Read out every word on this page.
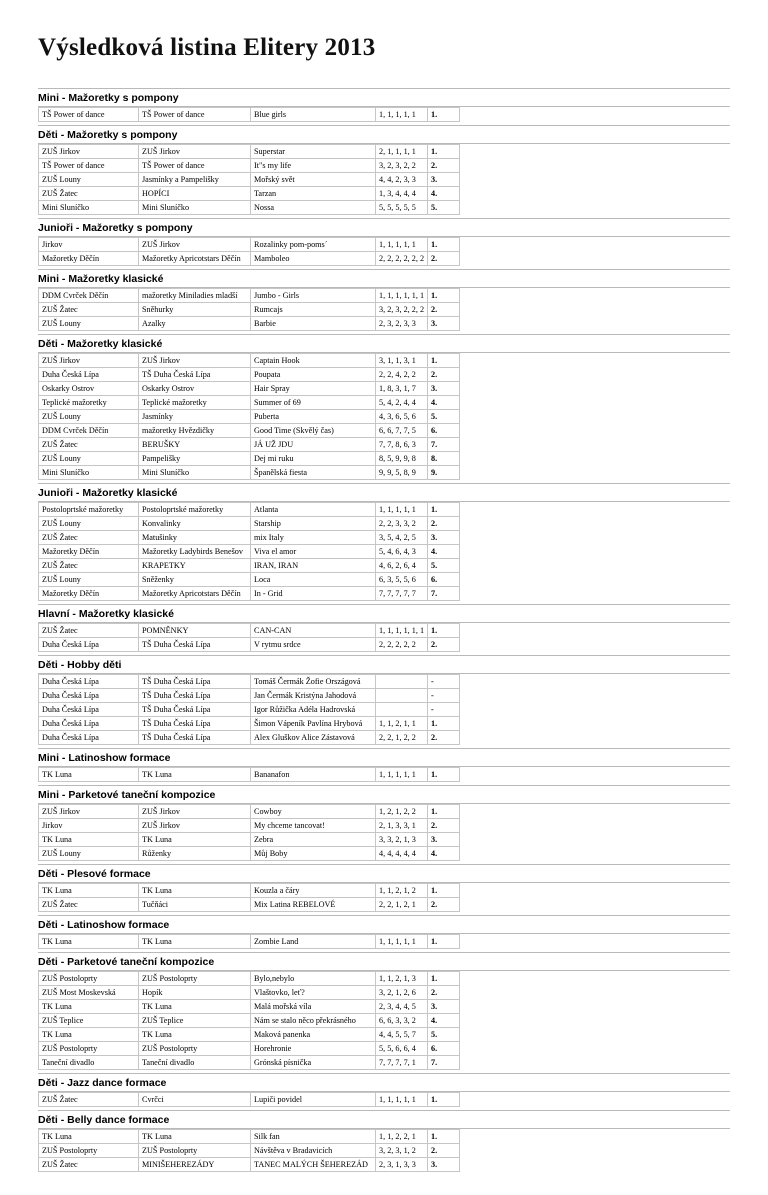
Výsledková listina Elitery 2013
Mini - Mažoretky s pompony
TŠ Power of dance	TŠ Power of dance	Blue girls	1, 1, 1, 1, 1	1.
Děti - Mažoretky s pompony
ZUŠ Jirkov	ZUŠ Jirkov	Superstar	2, 1, 1, 1, 1	1.
TŠ Power of dance	TŠ Power of dance	It"s my life	3, 2, 3, 2, 2	2.
ZUŠ Louny	Jasmínky a Pampelišky	Mořský svět	4, 4, 2, 3, 3	3.
ZUŠ Žatec	HOPÍCI	Tarzan	1, 3, 4, 4, 4	4.
Mini Sluníčko	Mini Sluníčko	Nossa	5, 5, 5, 5, 5	5.
Junioři - Mažoretky s pompony
Jirkov	ZUŠ Jirkov	Rozalinky pom-poms´	1, 1, 1, 1, 1	1.
Mažoretky Děčín	Mažoretky Apricotstars Děčín	Mamboleo	2, 2, 2, 2, 2, 2	2.
Mini - Mažoretky klasické
DDM Cvrček Děčín	mažoretky Miniladies mladší	Jumbo - Girls	1, 1, 1, 1, 1, 1	1.
ZUŠ Žatec	Sněhurky	Rumcajs	3, 2, 3, 2, 2, 2	2.
ZUŠ Louny	Azalky	Barbie	2, 3, 2, 3, 3	3.
Děti - Mažoretky klasické
ZUŠ Jirkov	ZUŠ Jirkov	Captain Hook	3, 1, 1, 3, 1	1.
Duha Česká Lípa	TŠ Duha Česká Lípa	Poupata	2, 2, 4, 2, 2	2.
Oskarky Ostrov	Oskarky Ostrov	Hair Spray	1, 8, 3, 1, 7	3.
Teplické mažoretky	Teplické mažoretky	Summer of 69	5, 4, 2, 4, 4	4.
ZUŠ Louny	Jasmínky	Puberta	4, 3, 6, 5, 6	5.
DDM Cvrček Děčín	mažoretky Hvězdičky	Good Time (Skvělý čas)	6, 6, 7, 7, 5	6.
ZUŠ Žatec	BERUŠKY	JÁ UŽ JDU	7, 7, 8, 6, 3	7.
ZUŠ Louny	Pampelišky	Dej mi ruku	8, 5, 9, 9, 8	8.
Mini Sluníčko	Mini Sluníčko	Španělská fiesta	9, 9, 5, 8, 9	9.
Junioři - Mažoretky klasické
Postoloprtské mažoretky	Postoloprtské mažoretky	Atlanta	1, 1, 1, 1, 1	1.
ZUŠ Louny	Konvalinky	Starship	2, 2, 3, 3, 2	2.
ZUŠ Žatec	Matušinky	mix Italy	3, 5, 4, 2, 5	3.
Mažoretky Děčín	Mažoretky Ladybirds Benešov	Viva el amor	5, 4, 6, 4, 3	4.
ZUŠ Žatec	KRAPETKY	IRAN, IRAN	4, 6, 2, 6, 4	5.
ZUŠ Louny	Sněženky	Loca	6, 3, 5, 5, 6	6.
Mažoretky Děčín	Mažoretky Apricotstars Děčín	In - Grid	7, 7, 7, 7, 7	7.
Hlavní - Mažoretky klasické
ZUŠ Žatec	POMNĚNKY	CAN-CAN	1, 1, 1, 1, 1, 1	1.
Duha Česká Lípa	TŠ Duha Česká Lípa	V rytmu srdce	2, 2, 2, 2, 2	2.
Děti - Hobby děti
Duha Česká Lípa	TŠ Duha Česká Lípa	Tomáš Čermák Žofie Országová		-
Duha Česká Lípa	TŠ Duha Česká Lípa	Jan Čermák Kristýna Jahodová		-
Duha Česká Lípa	TŠ Duha Česká Lípa	Igor Růžička Adéla Hadrovská		-
Duha Česká Lípa	TŠ Duha Česká Lípa	Šimon Vápeník Pavlína Hrybová	1, 1, 2, 1, 1	1.
Duha Česká Lípa	TŠ Duha Česká Lípa	Alex Gluškov Alice Zástavová	2, 2, 1, 2, 2	2.
Mini - Latinoshow formace
TK Luna	TK Luna	Bananafon	1, 1, 1, 1, 1	1.
Mini - Parketové taneční kompozice
ZUŠ Jirkov	ZUŠ Jirkov	Cowboy	1, 2, 1, 2, 2	1.
Jirkov	ZUŠ Jirkov	My chceme tancovat!	2, 1, 3, 3, 1	2.
TK Luna	TK Luna	Zebra	3, 3, 2, 1, 3	3.
ZUŠ Louny	Růženky	Můj Boby	4, 4, 4, 4, 4	4.
Děti - Plesové formace
TK Luna	TK Luna	Kouzla a čáry	1, 1, 2, 1, 2	1.
ZUŠ Žatec	Tučňáci	Mix Latina REBELOVÉ	2, 2, 1, 2, 1	2.
Děti - Latinoshow formace
TK Luna	TK Luna	Zombie Land	1, 1, 1, 1, 1	1.
Děti - Parketové taneční kompozice
ZUŠ Postoloprty	ZUŠ Postoloprty	Bylo,nebylo	1, 1, 2, 1, 3	1.
ZUŠ Most Moskevská	Hopík	Vlaštovko, leť?	3, 2, 1, 2, 6	2.
TK Luna	TK Luna	Malá mořská víla	2, 3, 4, 4, 5	3.
ZUŠ Teplice	ZUŠ Teplice	Nám se stalo něco překrásného	6, 6, 3, 3, 2	4.
TK Luna	TK Luna	Maková panenka	4, 4, 5, 5, 7	5.
ZUŠ Postoloprty	ZUŠ Postoloprty	Horehronie	5, 5, 6, 6, 4	6.
Taneční divadlo	Taneční divadlo	Grónská písnička	7, 7, 7, 7, 1	7.
Děti - Jazz dance formace
ZUŠ Žatec	Cvrčci	Lupiči povidel	1, 1, 1, 1, 1	1.
Děti - Belly dance formace
TK Luna	TK Luna	Silk fan	1, 1, 2, 2, 1	1.
ZUŠ Postoloprty	ZUŠ Postoloprty	Návštěva v Bradavicích	3, 2, 3, 1, 2	2.
ZUŠ Žatec	MINIŠEHEREZÁDY	TANEC MALÝCH ŠEHEREZÁD	2, 3, 1, 3, 3	3.
